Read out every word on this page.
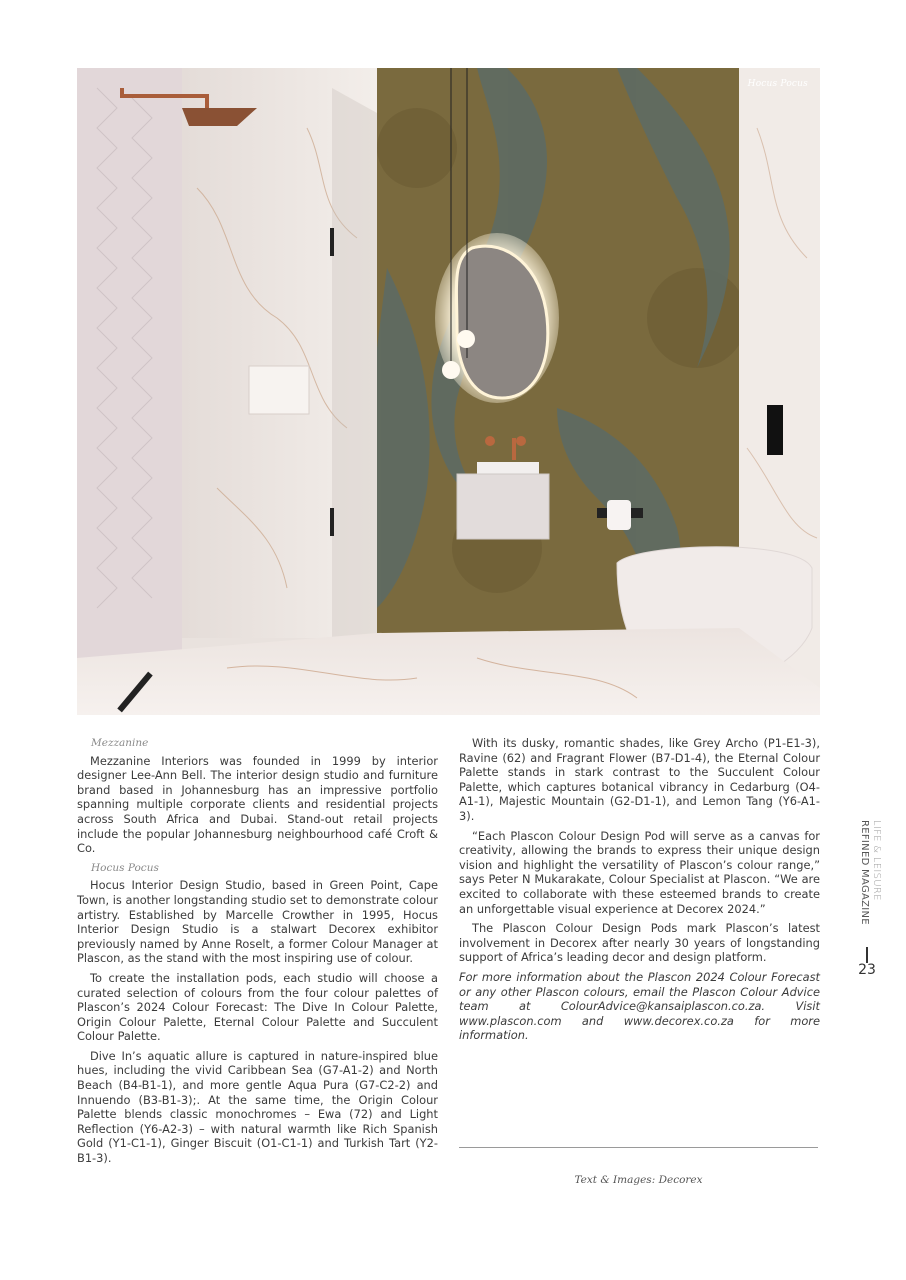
Hocus Pocus
Mezzanine

Mezzanine Interiors was founded in 1999 by interior designer Lee-Ann Bell. The interior design studio and furniture brand based in Johannesburg has an impressive portfolio spanning multiple corporate clients and residential projects across South Africa and Dubai. Stand-out retail projects include the popular Johannesburg neighbourhood café Croft & Co.

Hocus Pocus

Hocus Interior Design Studio, based in Green Point, Cape Town, is another longstanding studio set to demonstrate colour artistry. Established by Marcelle Crowther in 1995, Hocus Interior Design Studio is a stalwart Decorex exhibitor previously named by Anne Roselt, a former Colour Manager at Plascon, as the stand with the most inspiring use of colour.

To create the installation pods, each studio will choose a curated selection of colours from the four colour palettes of Plascon’s 2024 Colour Forecast: The Dive In Colour Palette, Origin Colour Palette, Eternal Colour Palette and Succulent Colour Palette.

Dive In’s aquatic allure is captured in nature-inspired blue hues, including the vivid Caribbean Sea (G7-A1-2) and North Beach (B4-B1-1), and more gentle Aqua Pura (G7-C2-2) and Innuendo (B3-B1-3);. At the same time, the Origin Colour Palette blends classic monochromes – Ewa (72) and Light Reflection (Y6-A2-3) – with natural warmth like Rich Spanish Gold (Y1-C1-1), Ginger Biscuit (O1-C1-1) and Turkish Tart (Y2-B1-3).

With its dusky, romantic shades, like Grey Archo (P1-E1-3), Ravine (62) and Fragrant Flower (B7-D1-4), the Eternal Colour Palette stands in stark contrast to the Succulent Colour Palette, which captures botanical vibrancy in Cedarburg (O4-A1-1), Majestic Mountain (G2-D1-1), and Lemon Tang (Y6-A1-3).

“Each Plascon Colour Design Pod will serve as a canvas for creativity, allowing the brands to express their unique design vision and highlight the versatility of Plascon’s colour range,” says Peter N Mukarakate, Colour Specialist at Plascon. “We are excited to collaborate with these esteemed brands to create an unforgettable visual experience at Decorex 2024.”

The Plascon Colour Design Pods mark Plascon’s latest involvement in Decorex after nearly 30 years of longstanding support of Africa’s leading decor and design platform.

For more information about the Plascon 2024 Colour Forecast or any other Plascon colours, email the Plascon Colour Advice team at ColourAdvice@kansaiplascon.co.za. Visit www.plascon.com and www.decorex.co.za for more information.

Text & Images: Decorex
LIFE & LEISURE
REFINED MAGAZINE
23
